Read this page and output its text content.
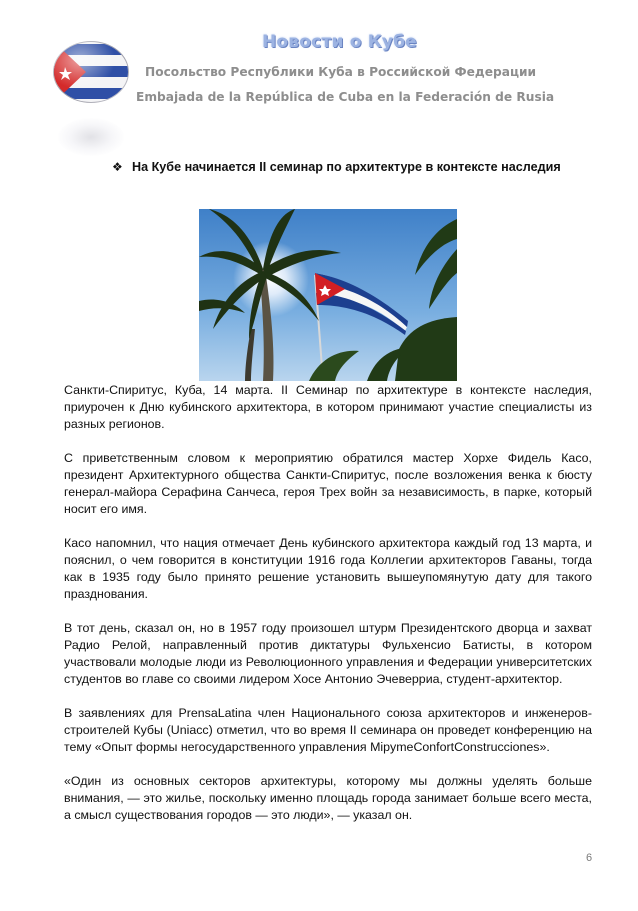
Новости о Кубе
Посольство Республики Куба в Российской Федерации
Embajada de la República de Cuba en la Federación de Rusia
❖ На Кубе начинается II семинар по архитектуре в контексте наследия

Санкти-Спиритус, Куба, 14 марта. II Семинар по архитектуре в контексте наследия, приурочен к Дню кубинского архитектора, в котором принимают участие специалисты из разных регионов.

С приветственным словом к мероприятию обратился мастер Хорхе Фидель Касо, президент Архитектурного общества Санкти-Спиритус, после возложения венка к бюсту генерал-майора Серафина Санчеса, героя Трех войн за независимость, в парке, который носит его имя.

Касо напомнил, что нация отмечает День кубинского архитектора каждый год 13 марта, и пояснил, о чем говорится в конституции 1916 года Коллегии архитекторов Гаваны, тогда как в 1935 году было принято решение установить вышеупомянутую дату для такого празднования.

В тот день, сказал он, но в 1957 году произошел штурм Президентского дворца и захват Радио Релой, направленный против диктатуры Фульхенсио Батисты, в котором участвовали молодые люди из Революционного управления и Федерации университетских студентов во главе со своими лидером Хосе Антонио Эчеверриа, студент-архитектор.

В заявлениях для PrensaLatina член Национального союза архитекторов и инженеров-строителей Кубы (Uniacc) отметил, что во время II семинара он проведет конференцию на тему «Опыт формы негосударственного управления MipymeConfortConstrucciones».

«Один из основных секторов архитектуры, которому мы должны уделять больше внимания, — это жилье, поскольку именно площадь города занимает больше всего места, а смысл существования городов — это люди», — указал он.

6
